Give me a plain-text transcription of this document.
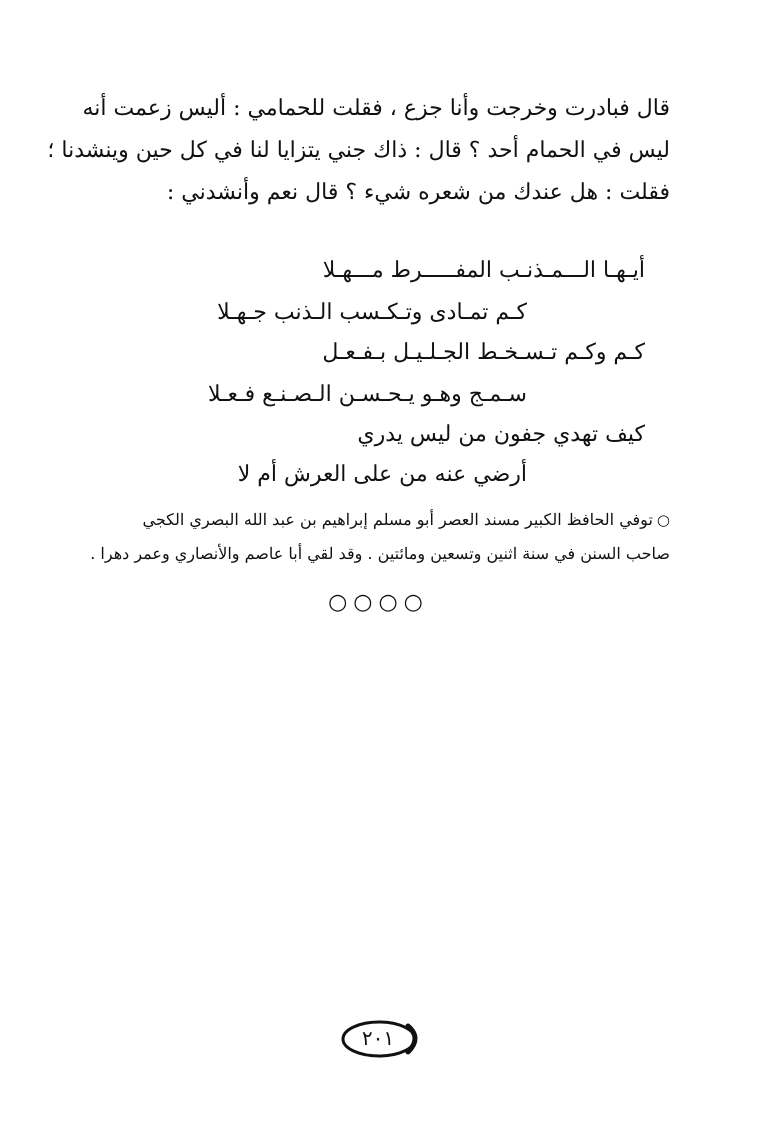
قال فبادرت وخرجت وأنا جزع ، فقلت للحمامي : أليس زعمت أنه

ليس في الحمام أحد ؟ قال : ذاك جني يتزايا لنا في كل حين وينشدنا ؛

فقلت : هل عندك من شعره شيء ؟ قال نعم وأنشدني :

أيـهـا الـــمـذنـب المفـــــرط مـــهـلا
كـم تمـادى وتـكـسب الـذنب جـهـلا
كـم وكـم تـسـخـط الجـلـيـل بـفـعـل
سـمـج وهـو يـحـسـن الـصـنـع فـعـلا
كيف تهدي جفون من ليس يدري
أرضي عنه من على العرش أم لا

○توفي الحافظ الكبير مسند العصر أبو مسلم إبراهيم بن عبد الله البصري الكجي

صاحب السنن في سنة اثنين وتسعين ومائتين . وقد لقي أبا عاصم والأنصاري وعمر دهرا .

○○○○
٢٠١
